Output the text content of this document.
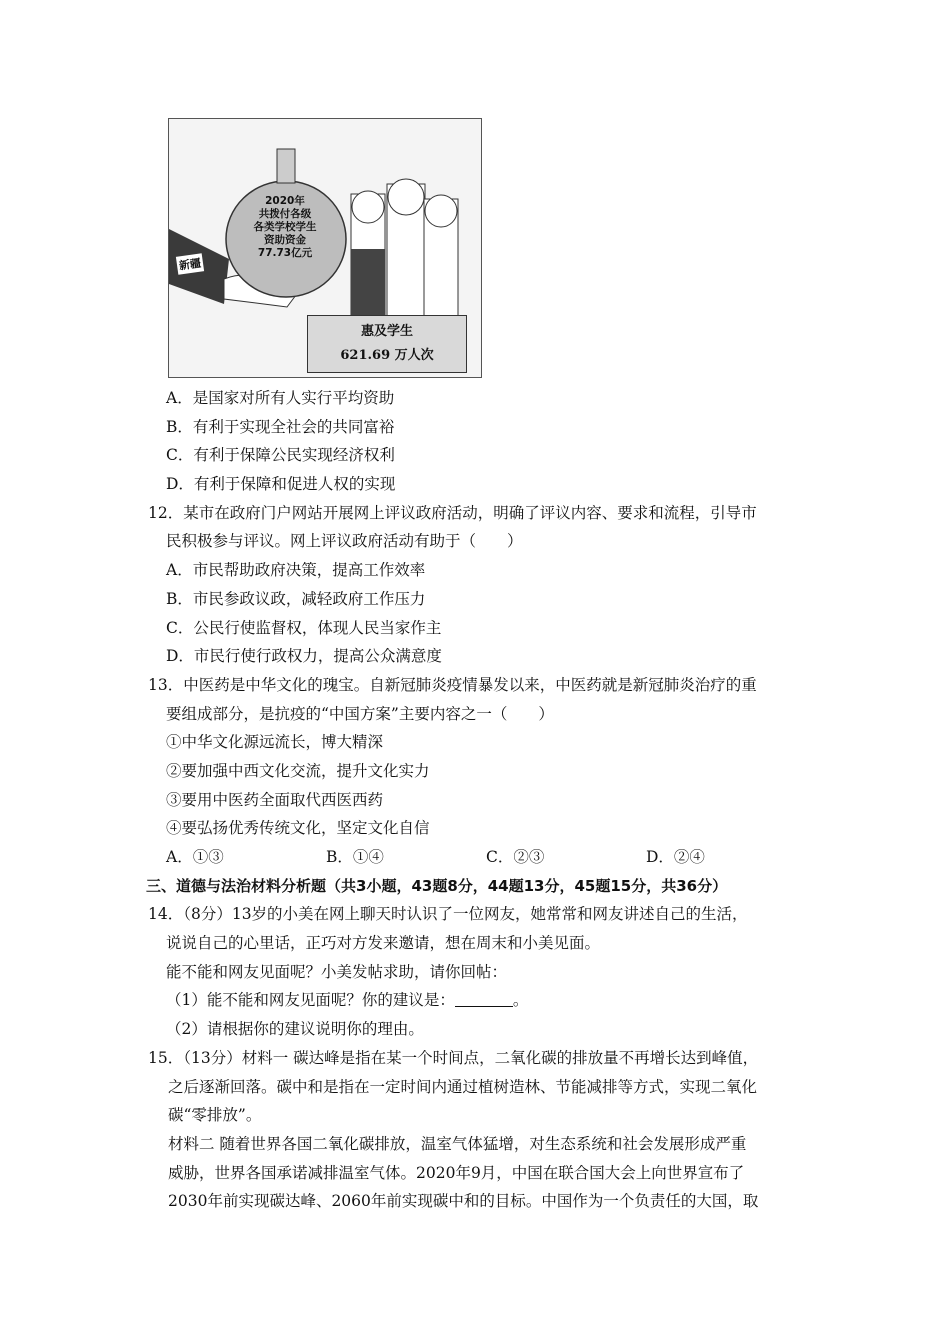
新疆
2020年
共拨付各级
各类学校学生
资助资金
77.73亿元
惠及学生
621.69 万人次
A．是国家对所有人实行平均资助
B．有利于实现全社会的共同富裕
C．有利于保障公民实现经济权利
D．有利于保障和促进人权的实现
12．某市在政府门户网站开展网上评议政府活动，明确了评议内容、要求和流程，引导市
民积极参与评议。网上评议政府活动有助于（　　）
A．市民帮助政府决策，提高工作效率
B．市民参政议政，减轻政府工作压力
C．公民行使监督权，体现人民当家作主
D．市民行使行政权力，提高公众满意度
13．中医药是中华文化的瑰宝。自新冠肺炎疫情暴发以来，中医药就是新冠肺炎治疗的重
要组成部分，是抗疫的“中国方案”主要内容之一（　　）
①中华文化源远流长，博大精深
②要加强中西文化交流，提升文化实力
③要用中医药全面取代西医西药
④要弘扬优秀传统文化，坚定文化自信
A．①③	B．①④	C．②③	D．②④
三、道德与法治材料分析题（共3小题，43题8分，44题13分，45题15分，共36分）
14．（8分）13岁的小美在网上聊天时认识了一位网友，她常常和网友讲述自己的生活，
说说自己的心里话，正巧对方发来邀请，想在周末和小美见面。
能不能和网友见面呢？小美发帖求助，请你回帖：
（1）能不能和网友见面呢？你的建议是：	。
（2）请根据你的建议说明你的理由。
15．（13分）材料一 碳达峰是指在某一个时间点，二氧化碳的排放量不再增长达到峰值，
之后逐渐回落。碳中和是指在一定时间内通过植树造林、节能减排等方式，实现二氧化
碳“零排放”。
材料二 随着世界各国二氧化碳排放，温室气体猛增，对生态系统和社会发展形成严重
威胁，世界各国承诺减排温室气体。2020年9月，中国在联合国大会上向世界宣布了
2030年前实现碳达峰、2060年前实现碳中和的目标。中国作为一个负责任的大国，取
